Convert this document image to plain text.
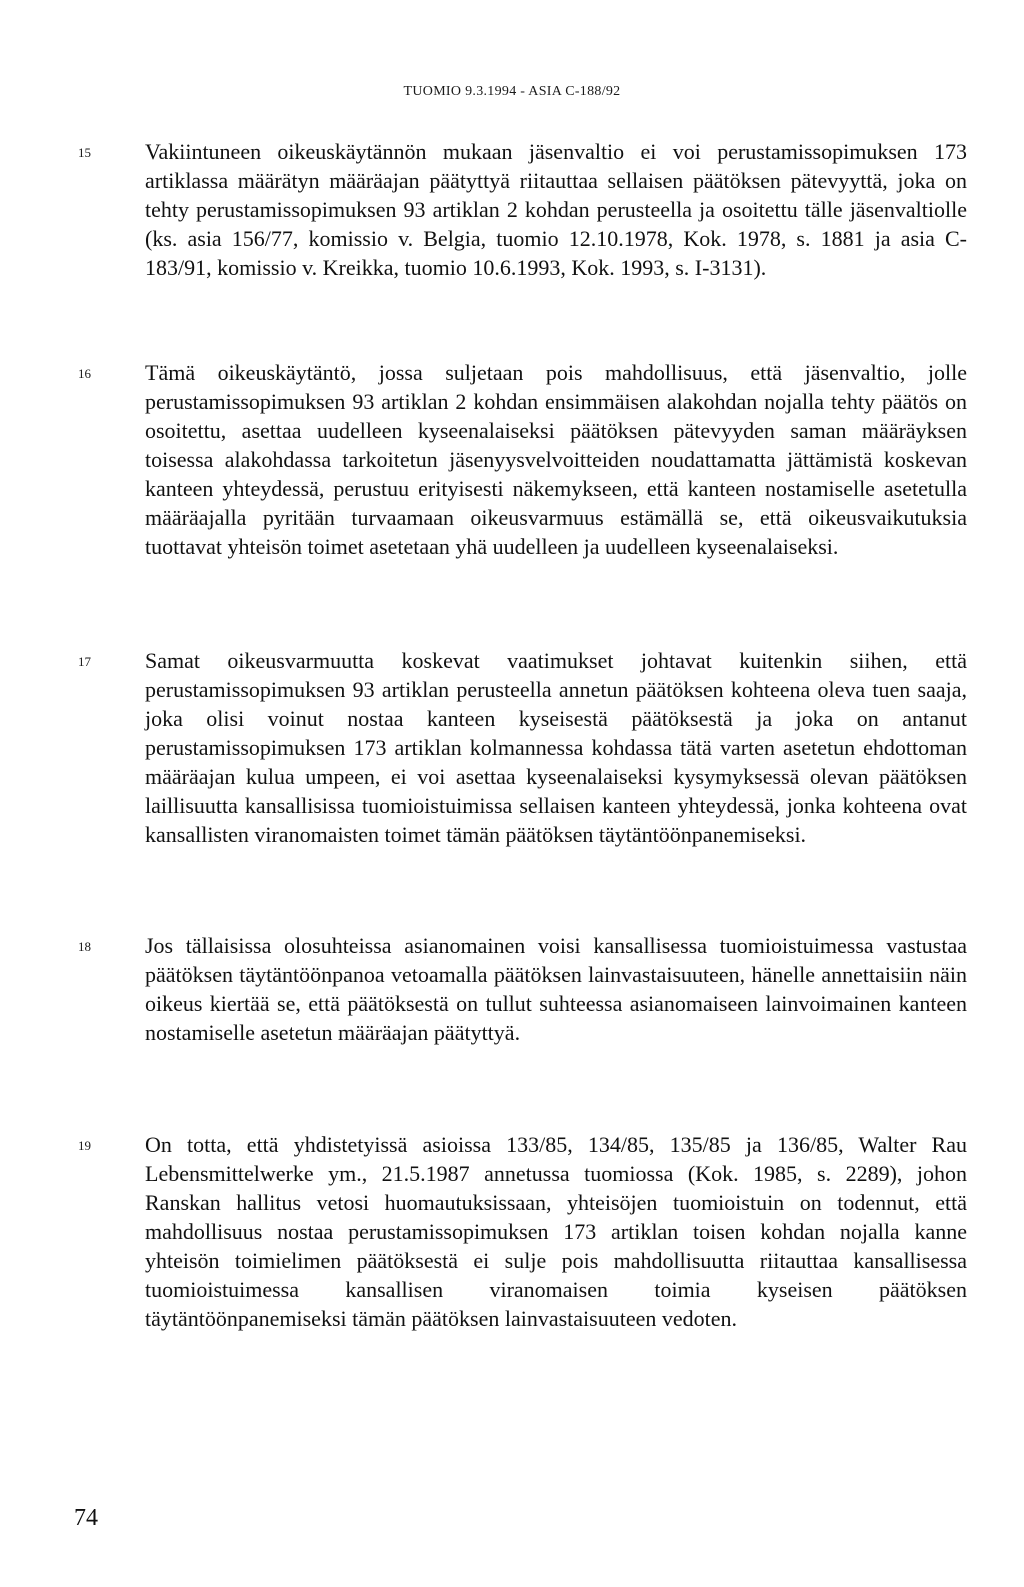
TUOMIO 9.3.1994 - ASIA C-188/92
15 Vakiintuneen oikeuskäytännön mukaan jäsenvaltio ei voi perustamissopimuksen 173 artiklassa määrätyn määräajan päätyttyä riitauttaa sellaisen päätöksen pätevyyttä, joka on tehty perustamissopimuksen 93 artiklan 2 kohdan perusteella ja osoitettu tälle jäsenvaltiolle (ks. asia 156/77, komissio v. Belgia, tuomio 12.10.1978, Kok. 1978, s. 1881 ja asia C-183/91, komissio v. Kreikka, tuomio 10.6.1993, Kok. 1993, s. I-3131).

16 Tämä oikeuskäytäntö, jossa suljetaan pois mahdollisuus, että jäsenvaltio, jolle perustamissopimuksen 93 artiklan 2 kohdan ensimmäisen alakohdan nojalla tehty päätös on osoitettu, asettaa uudelleen kyseenalaiseksi päätöksen pätevyyden saman määräyksen toisessa alakohdassa tarkoitetun jäsenyysvelvoitteiden noudattamatta jättämistä koskevan kanteen yhteydessä, perustuu erityisesti näkemykseen, että kanteen nostamiselle asetetulla määräajalla pyritään turvaamaan oikeusvarmuus estämällä se, että oikeusvaikutuksia tuottavat yhteisön toimet asetetaan yhä uudelleen ja uudelleen kyseenalaiseksi.

17 Samat oikeusvarmuutta koskevat vaatimukset johtavat kuitenkin siihen, että perustamissopimuksen 93 artiklan perusteella annetun päätöksen kohteena oleva tuen saaja, joka olisi voinut nostaa kanteen kyseisestä päätöksestä ja joka on antanut perustamissopimuksen 173 artiklan kolmannessa kohdassa tätä varten asetetun ehdottoman määräajan kulua umpeen, ei voi asettaa kyseenalaiseksi kysymyksessä olevan päätöksen laillisuutta kansallisissa tuomioistuimissa sellaisen kanteen yhteydessä, jonka kohteena ovat kansallisten viranomaisten toimet tämän päätöksen täytäntöönpanemiseksi.

18 Jos tällaisissa olosuhteissa asianomainen voisi kansallisessa tuomioistuimessa vastustaa päätöksen täytäntöönpanoa vetoamalla päätöksen lainvastaisuuteen, hänelle annettaisiin näin oikeus kiertää se, että päätöksestä on tullut suhteessa asianomaiseen lainvoimainen kanteen nostamiselle asetetun määräajan päätyttyä.

19 On totta, että yhdistetyissä asioissa 133/85, 134/85, 135/85 ja 136/85, Walter Rau Lebensmittelwerke ym., 21.5.1987 annetussa tuomiossa (Kok. 1985, s. 2289), johon Ranskan hallitus vetosi huomautuksissaan, yhteisöjen tuomioistuin on todennut, että mahdollisuus nostaa perustamissopimuksen 173 artiklan toisen kohdan nojalla kanne yhteisön toimielimen päätöksestä ei sulje pois mahdollisuutta riitauttaa kansallisessa tuomioistuimessa kansallisen viranomaisen toimia kyseisen päätöksen täytäntöönpanemiseksi tämän päätöksen lainvastaisuuteen vedoten.

74
